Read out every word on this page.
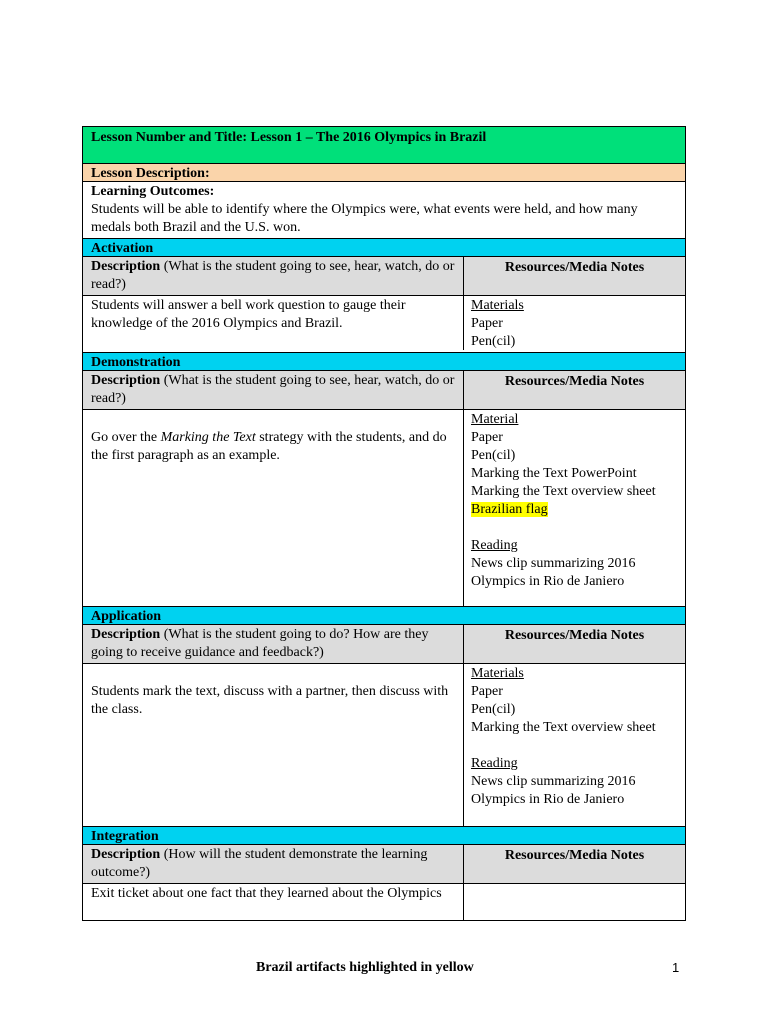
Lesson Number and Title: Lesson 1 – The 2016 Olympics in Brazil
Lesson Description:
Learning Outcomes:
Students will be able to identify where the Olympics were, what events were held, and how many medals both Brazil and the U.S. won.
Activation
Description (What is the student going to see, hear, watch, do or read?)
Resources/Media Notes
Students will answer a bell work question to gauge their knowledge of the 2016 Olympics and Brazil.
Materials
Paper
Pen(cil)
Demonstration
Description (What is the student going to see, hear, watch, do or read?)
Resources/Media Notes
Go over the Marking the Text strategy with the students, and do the first paragraph as an example.
Material
Paper
Pen(cil)
Marking the Text PowerPoint
Marking the Text overview sheet
Brazilian flag
Reading
News clip summarizing 2016 Olympics in Rio de Janiero
Application
Description (What is the student going to do? How are they going to receive guidance and feedback?)
Resources/Media Notes
Students mark the text, discuss with a partner, then discuss with the class.
Materials
Paper
Pen(cil)
Marking the Text overview sheet
Reading
News clip summarizing 2016 Olympics in Rio de Janiero
Integration
Description (How will the student demonstrate the learning outcome?)
Resources/Media Notes
Exit ticket about one fact that they learned about the Olympics
Brazil artifacts highlighted in yellow	1
